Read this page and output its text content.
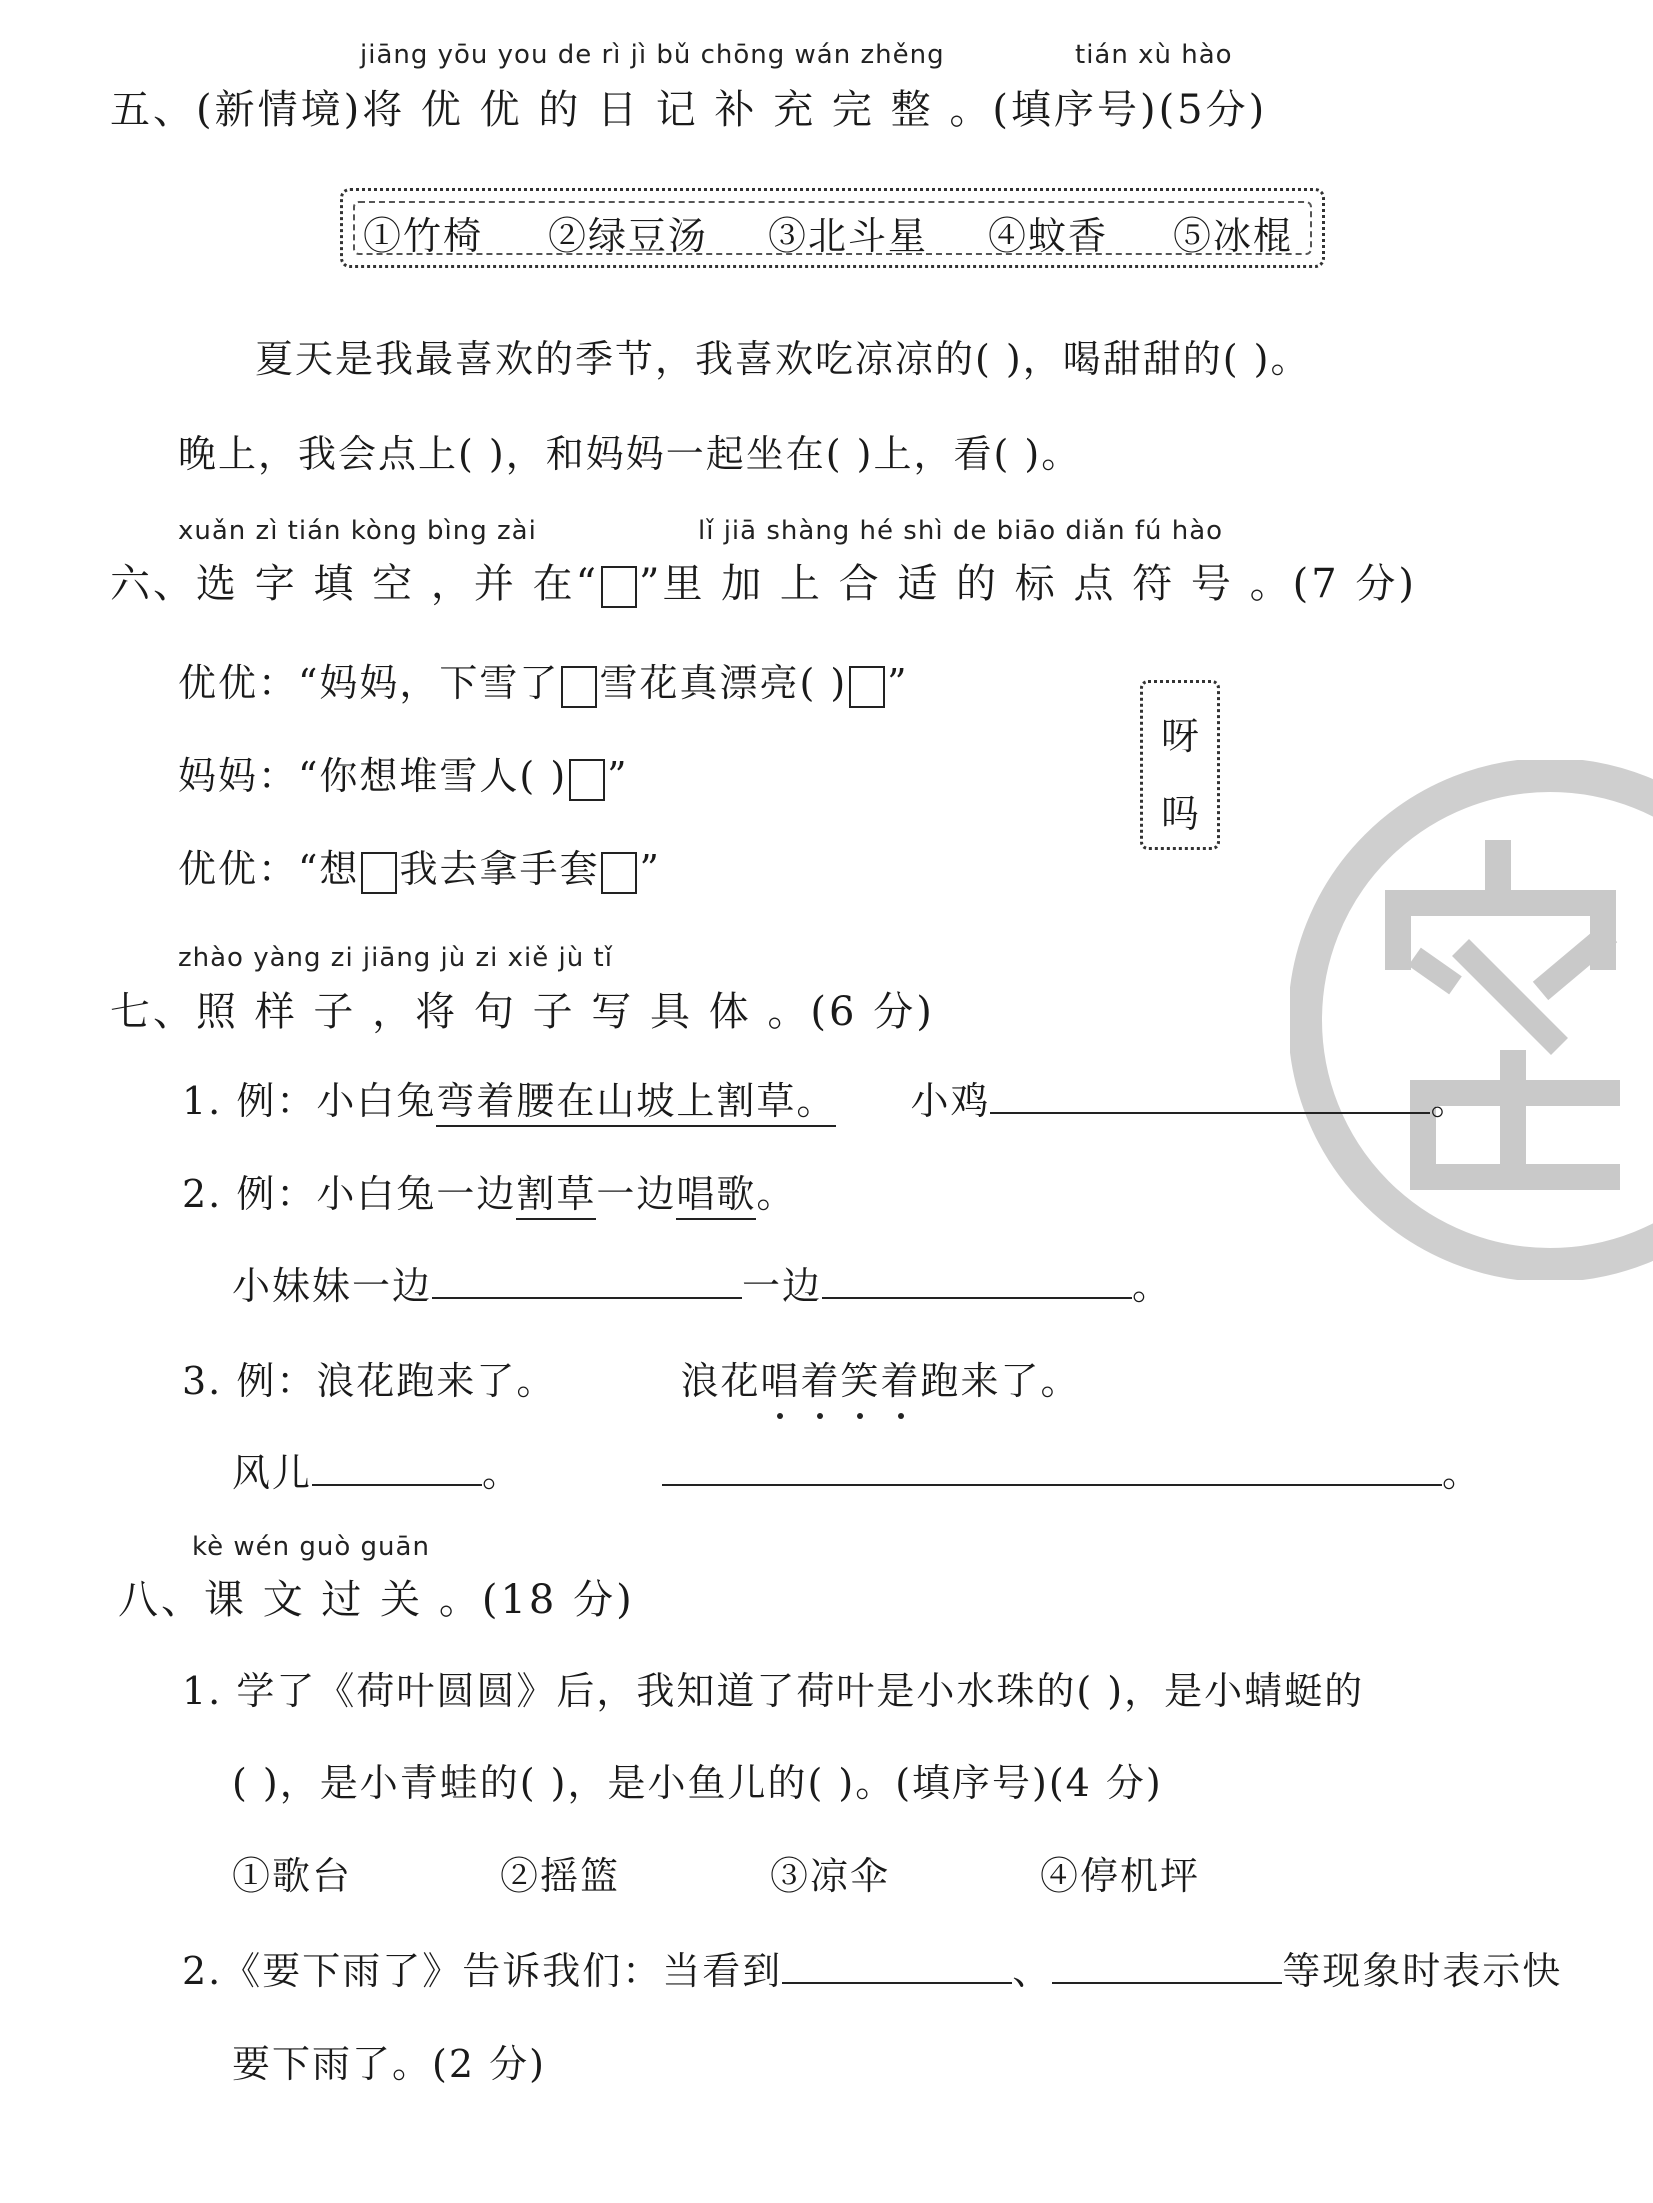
jiāng yōu you de rì jì bǔ chōng wán zhěng	tián xù hào
五、(新情境)将 优 优 的 日 记 补 充 完 整 。(填序号)(5分)
①竹椅 ②绿豆汤 ③北斗星 ④蚊香 ⑤冰棍
夏天是我最喜欢的季节，我喜欢吃凉凉的( )，喝甜甜的( )。
晚上，我会点上( )，和妈妈一起坐在( )上，看( )。
xuǎn zì tián kòng bìng zài	lǐ jiā shàng hé shì de biāo diǎn fú hào
六、选 字 填 空 ，并 在“ ”里 加 上 合 适 的 标 点 符 号 。(7 分)
优优：“妈妈，下雪了 雪花真漂亮( ) ”
妈妈：“你想堆雪人( ) ”
优优：“想 我去拿手套 ”
呀
吗
zhào yàng zi jiāng jù zi xiě jù tǐ
七、照 样 子 ，将 句 子 写 具 体 。(6 分)
1. 例：小白兔弯着腰在山坡上割草。 小鸡	。
2. 例：小白兔一边割草一边唱歌。
小妹妹一边	一边	。
3. 例：浪花跑来了。	浪花唱
着
笑
着
跑来了。
风儿	。	。
kè wén guò guān
八、课 文 过 关 。(18 分)
1. 学了《荷叶圆圆》后，我知道了荷叶是小水珠的( )，是小蜻蜓的
( )，是小青蛙的( )，是小鱼儿的( )。(填序号)(4 分)
①歌台	②摇篮	③凉伞	④停机坪
2.《要下雨了》告诉我们：当看到	、	等现象时表示快
要下雨了。(2 分)
